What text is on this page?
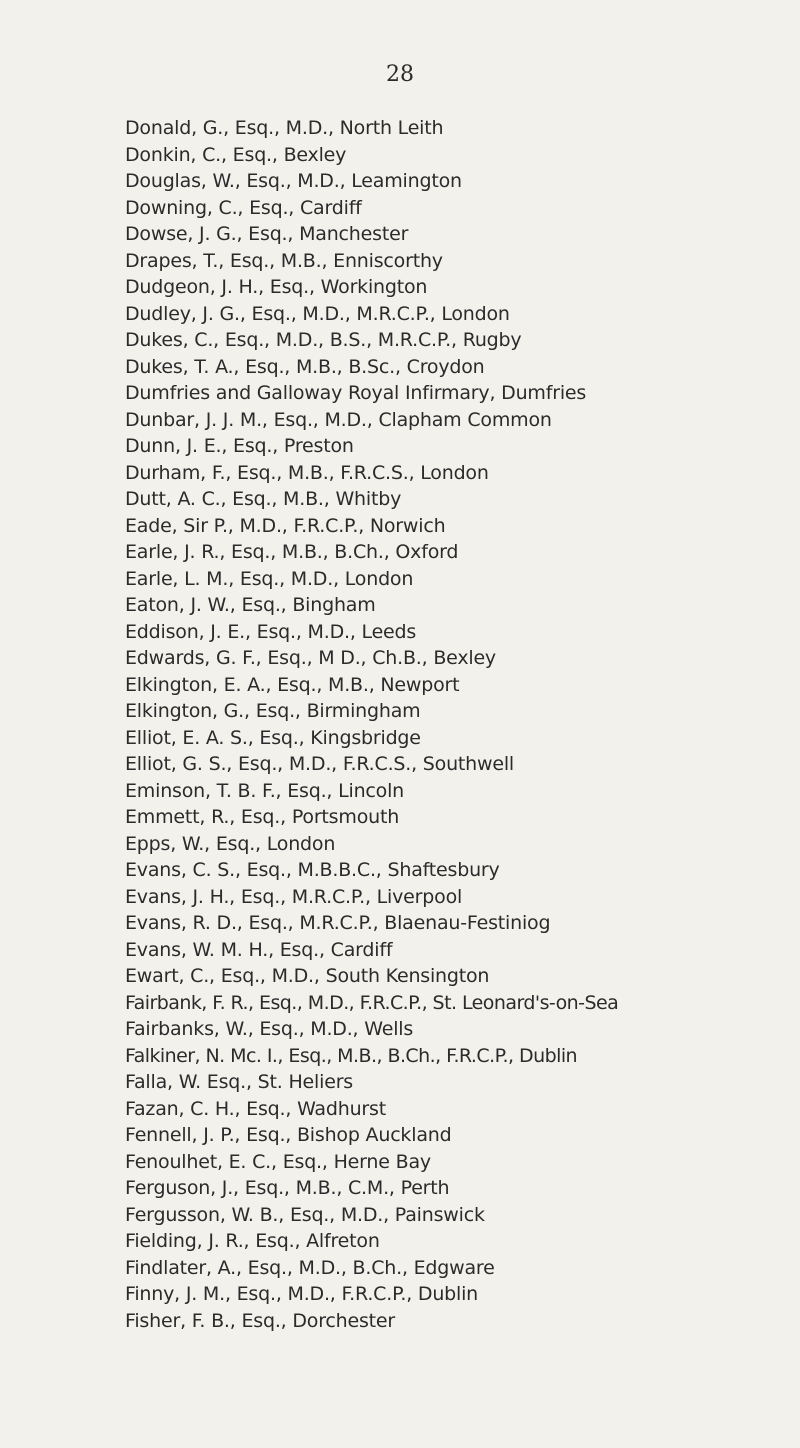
28
Donald, G., Esq., M.D., North Leith
Donkin, C., Esq., Bexley
Douglas, W., Esq., M.D., Leamington
Downing, C., Esq., Cardiff
Dowse, J. G., Esq., Manchester
Drapes, T., Esq., M.B., Enniscorthy
Dudgeon, J. H., Esq., Workington
Dudley, J. G., Esq., M.D., M.R.C.P., London
Dukes, C., Esq., M.D., B.S., M.R.C.P., Rugby
Dukes, T. A., Esq., M.B., B.Sc., Croydon
Dumfries and Galloway Royal Infirmary, Dumfries
Dunbar, J. J. M., Esq., M.D., Clapham Common
Dunn, J. E., Esq., Preston
Durham, F., Esq., M.B., F.R.C.S., London
Dutt, A. C., Esq., M.B., Whitby
Eade, Sir P., M.D., F.R.C.P., Norwich
Earle, J. R., Esq., M.B., B.Ch., Oxford
Earle, L. M., Esq., M.D., London
Eaton, J. W., Esq., Bingham
Eddison, J. E., Esq., M.D., Leeds
Edwards, G. F., Esq., M D., Ch.B., Bexley
Elkington, E. A., Esq., M.B., Newport
Elkington, G., Esq., Birmingham
Elliot, E. A. S., Esq., Kingsbridge
Elliot, G. S., Esq., M.D., F.R.C.S., Southwell
Eminson, T. B. F., Esq., Lincoln
Emmett, R., Esq., Portsmouth
Epps, W., Esq., London
Evans, C. S., Esq., M.B.B.C., Shaftesbury
Evans, J. H., Esq., M.R.C.P., Liverpool
Evans, R. D., Esq., M.R.C.P., Blaenau-Festiniog
Evans, W. M. H., Esq., Cardiff
Ewart, C., Esq., M.D., South Kensington
Fairbank, F. R., Esq., M.D., F.R.C.P., St. Leonard's-on-Sea
Fairbanks, W., Esq., M.D., Wells
Falkiner, N. Mc. I., Esq., M.B., B.Ch., F.R.C.P., Dublin
Falla, W. Esq., St. Heliers
Fazan, C. H., Esq., Wadhurst
Fennell, J. P., Esq., Bishop Auckland
Fenoulhet, E. C., Esq., Herne Bay
Ferguson, J., Esq., M.B., C.M., Perth
Fergusson, W. B., Esq., M.D., Painswick
Fielding, J. R., Esq., Alfreton
Findlater, A., Esq., M.D., B.Ch., Edgware
Finny, J. M., Esq., M.D., F.R.C.P., Dublin
Fisher, F. B., Esq., Dorchester
